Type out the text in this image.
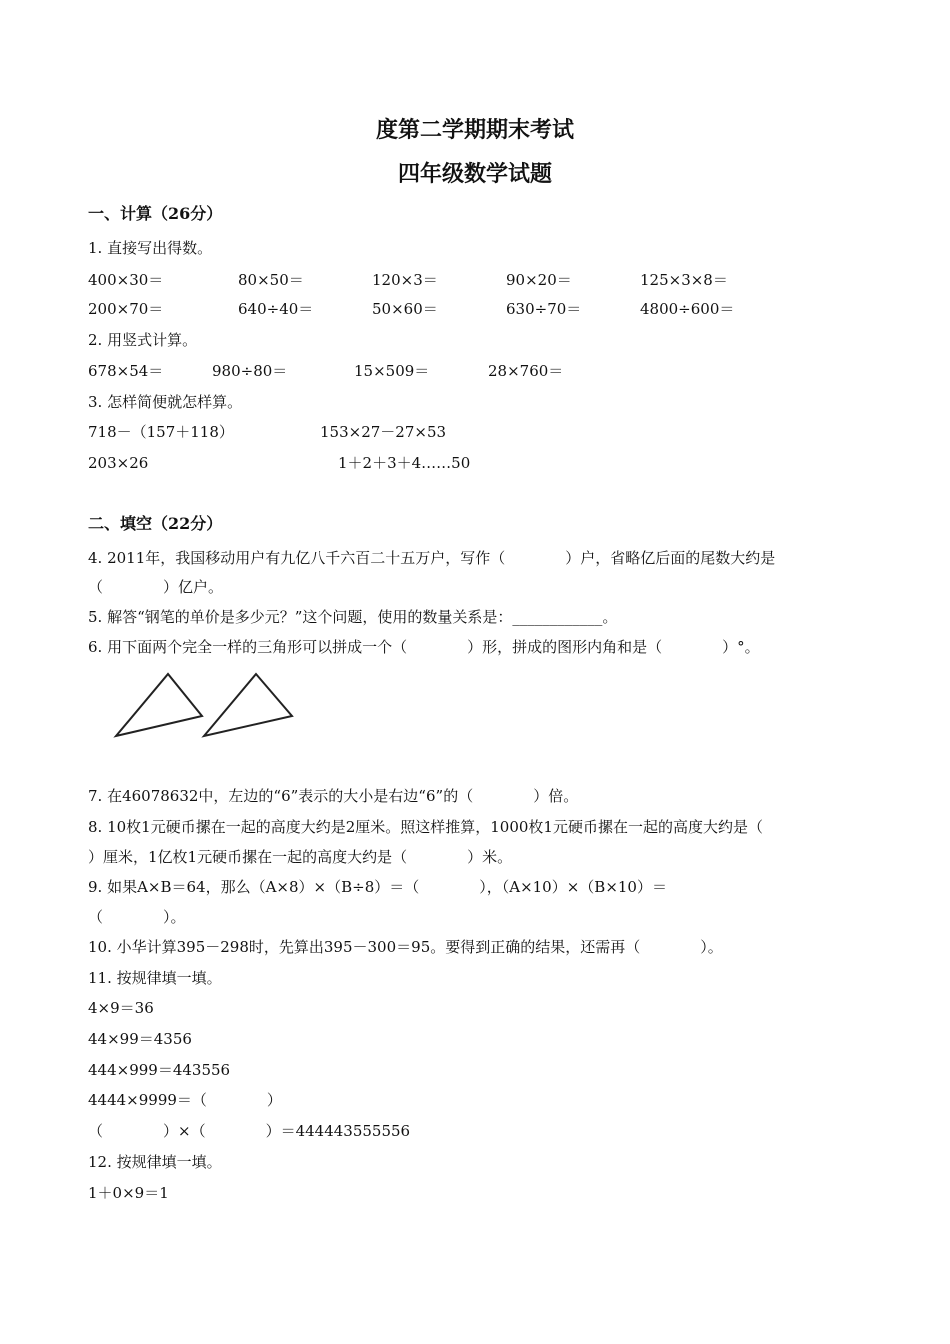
度第二学期期末考试
四年级数学试题
一、计算（26分）
1. 直接写出得数。
400×30＝	80×50＝	120×3＝	90×20＝	125×3×8＝
200×70＝	640÷40＝	50×60＝	630÷70＝	4800÷600＝
2. 用竖式计算。
678×54＝	980÷80＝	15×509＝	28×760＝
3. 怎样简便就怎样算。
718－（157＋118）	153×27－27×53
203×26	1＋2＋3＋4……50
二、填空（22分）
4. 2011年，我国移动用户有九亿八千六百二十五万户，写作（　　　　）户，省略亿后面的尾数大约是
（　　　　）亿户。
5. 解答“钢笔的单价是多少元？”这个问题，使用的数量关系是：____________。
6. 用下面两个完全一样的三角形可以拼成一个（　　　　）形，拼成的图形内角和是（　　　　）°。
7. 在46078632中，左边的“6”表示的大小是右边“6”的（　　　　）倍。
8. 10枚1元硬币摞在一起的高度大约是2厘米。照这样推算，1000枚1元硬币摞在一起的高度大约是（
）厘米，1亿枚1元硬币摞在一起的高度大约是（　　　　）米。
9. 如果A×B＝64，那么（A×8）×（B÷8）＝（　　　　），（A×10）×（B×10）＝
（　　　　）。
10. 小华计算395－298时，先算出395－300＝95。要得到正确的结果，还需再（　　　　）。
11. 按规律填一填。
4×9＝36
44×99＝4356
444×999＝443556
4444×9999＝（　　　　）
（　　　　）×（　　　　）＝444443555556
12. 按规律填一填。
1＋0×9＝1
